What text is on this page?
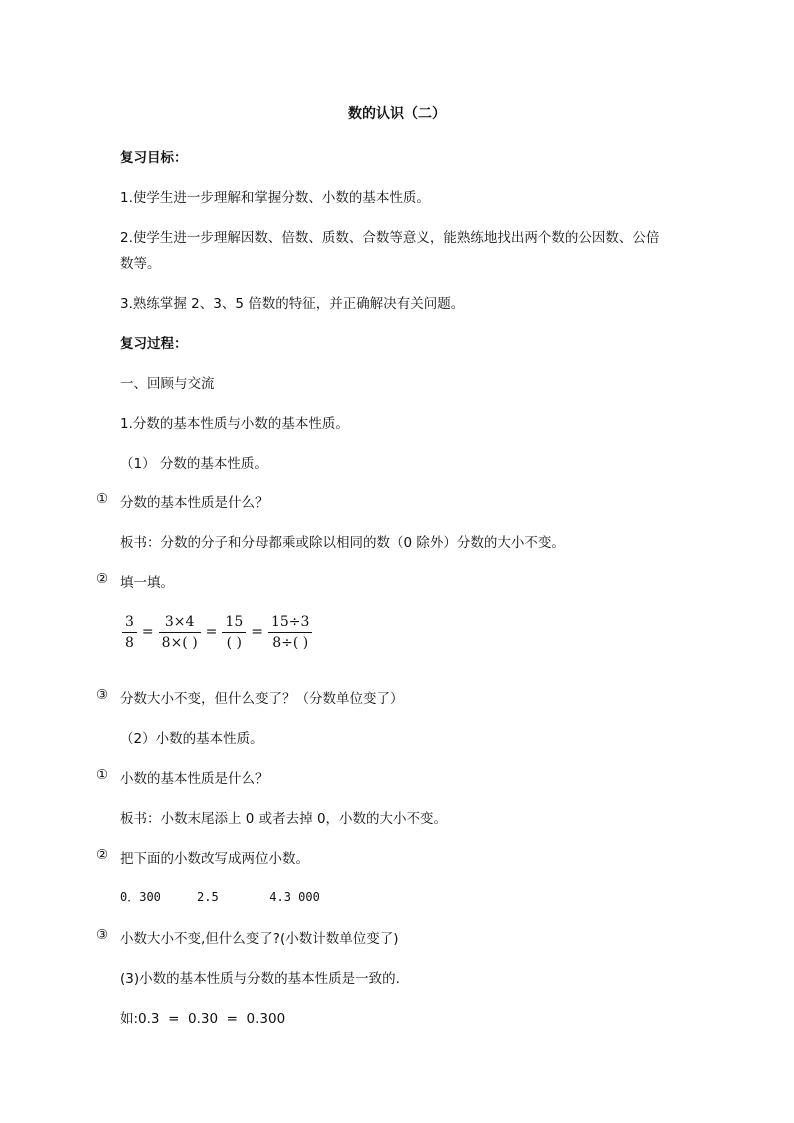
数的认识（二）
复习目标：
1.使学生进一步理解和掌握分数、小数的基本性质。
2.使学生进一步理解因数、倍数、质数、合数等意义，能熟练地找出两个数的公因数、公倍
数等。
3.熟练掌握 2、3、5 倍数的特征，并正确解决有关问题。
复习过程：
一、回顾与交流
1.分数的基本性质与小数的基本性质。
（1） 分数的基本性质。
① 分数的基本性质是什么？
板书：分数的分子和分母都乘或除以相同的数（0 除外）分数的大小不变。
② 填一填。
$\frac{3}{8} = \frac{3\times 4}{8\times( )} = \frac{15}{( )} = \frac{15\div 3}{8\div( )}$
③ 分数大小不变，但什么变了？（分数单位变了）
（2）小数的基本性质。
① 小数的基本性质是什么？
板书：小数末尾添上 0 或者去掉 0，小数的大小不变。
② 把下面的小数改写成两位小数。
0．300     2.5       4.3 000
③ 小数大小不变,但什么变了?(小数计数单位变了)
(3)小数的基本性质与分数的基本性质是一致的.
如:0.3  =  0.30  =  0.300
